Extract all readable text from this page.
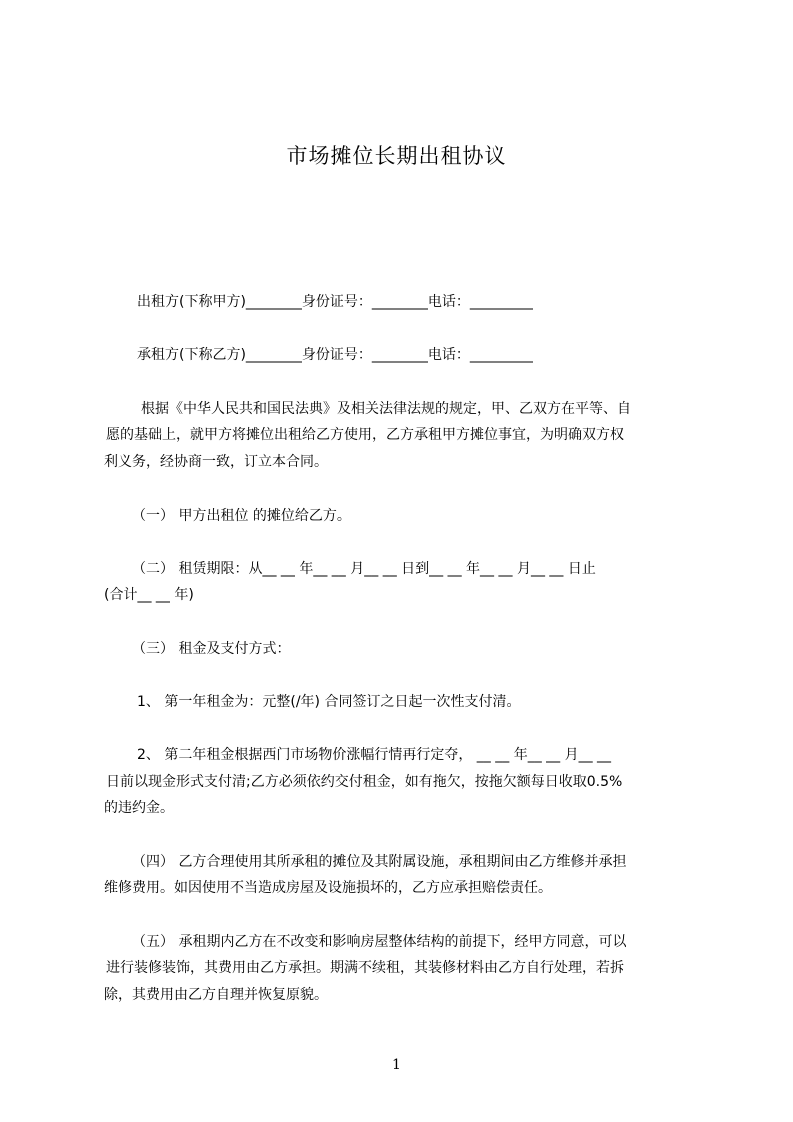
市场摊位长期出租协议
出租方(下称甲方)________身份证号：________电话：_________
承租方(下称乙方)________身份证号：________电话：_________
根据《中华人民共和国民法典》及相关法律法规的规定，甲、乙双方在平等、自
愿的基础上，就甲方将摊位出租给乙方使用，乙方承租甲方摊位事宜，为明确双方权
利义务，经协商一致，订立本合同。
（一） 甲方出租位 的摊位给乙方。
（二） 租赁期限：从__ __ 年__ __ 月__ __ 日到__ __ 年__ __ 月__ __ 日止
(合计__ __ 年)
（三） 租金及支付方式：
1、 第一年租金为：元整(/年) 合同签订之日起一次性支付清。
2、 第二年租金根据西门市场物价涨幅行情再行定夺， __ __ 年__ __ 月__ __
日前以现金形式支付清;乙方必须依约交付租金，如有拖欠，按拖欠额每日收取0.5%
的违约金。
（四） 乙方合理使用其所承租的摊位及其附属设施，承租期间由乙方维修并承担
维修费用。如因使用不当造成房屋及设施损坏的，乙方应承担赔偿责任。
（五） 承租期内乙方在不改变和影响房屋整体结构的前提下，经甲方同意，可以
进行装修装饰，其费用由乙方承担。期满不续租，其装修材料由乙方自行处理，若拆
除，其费用由乙方自理并恢复原貌。
1
